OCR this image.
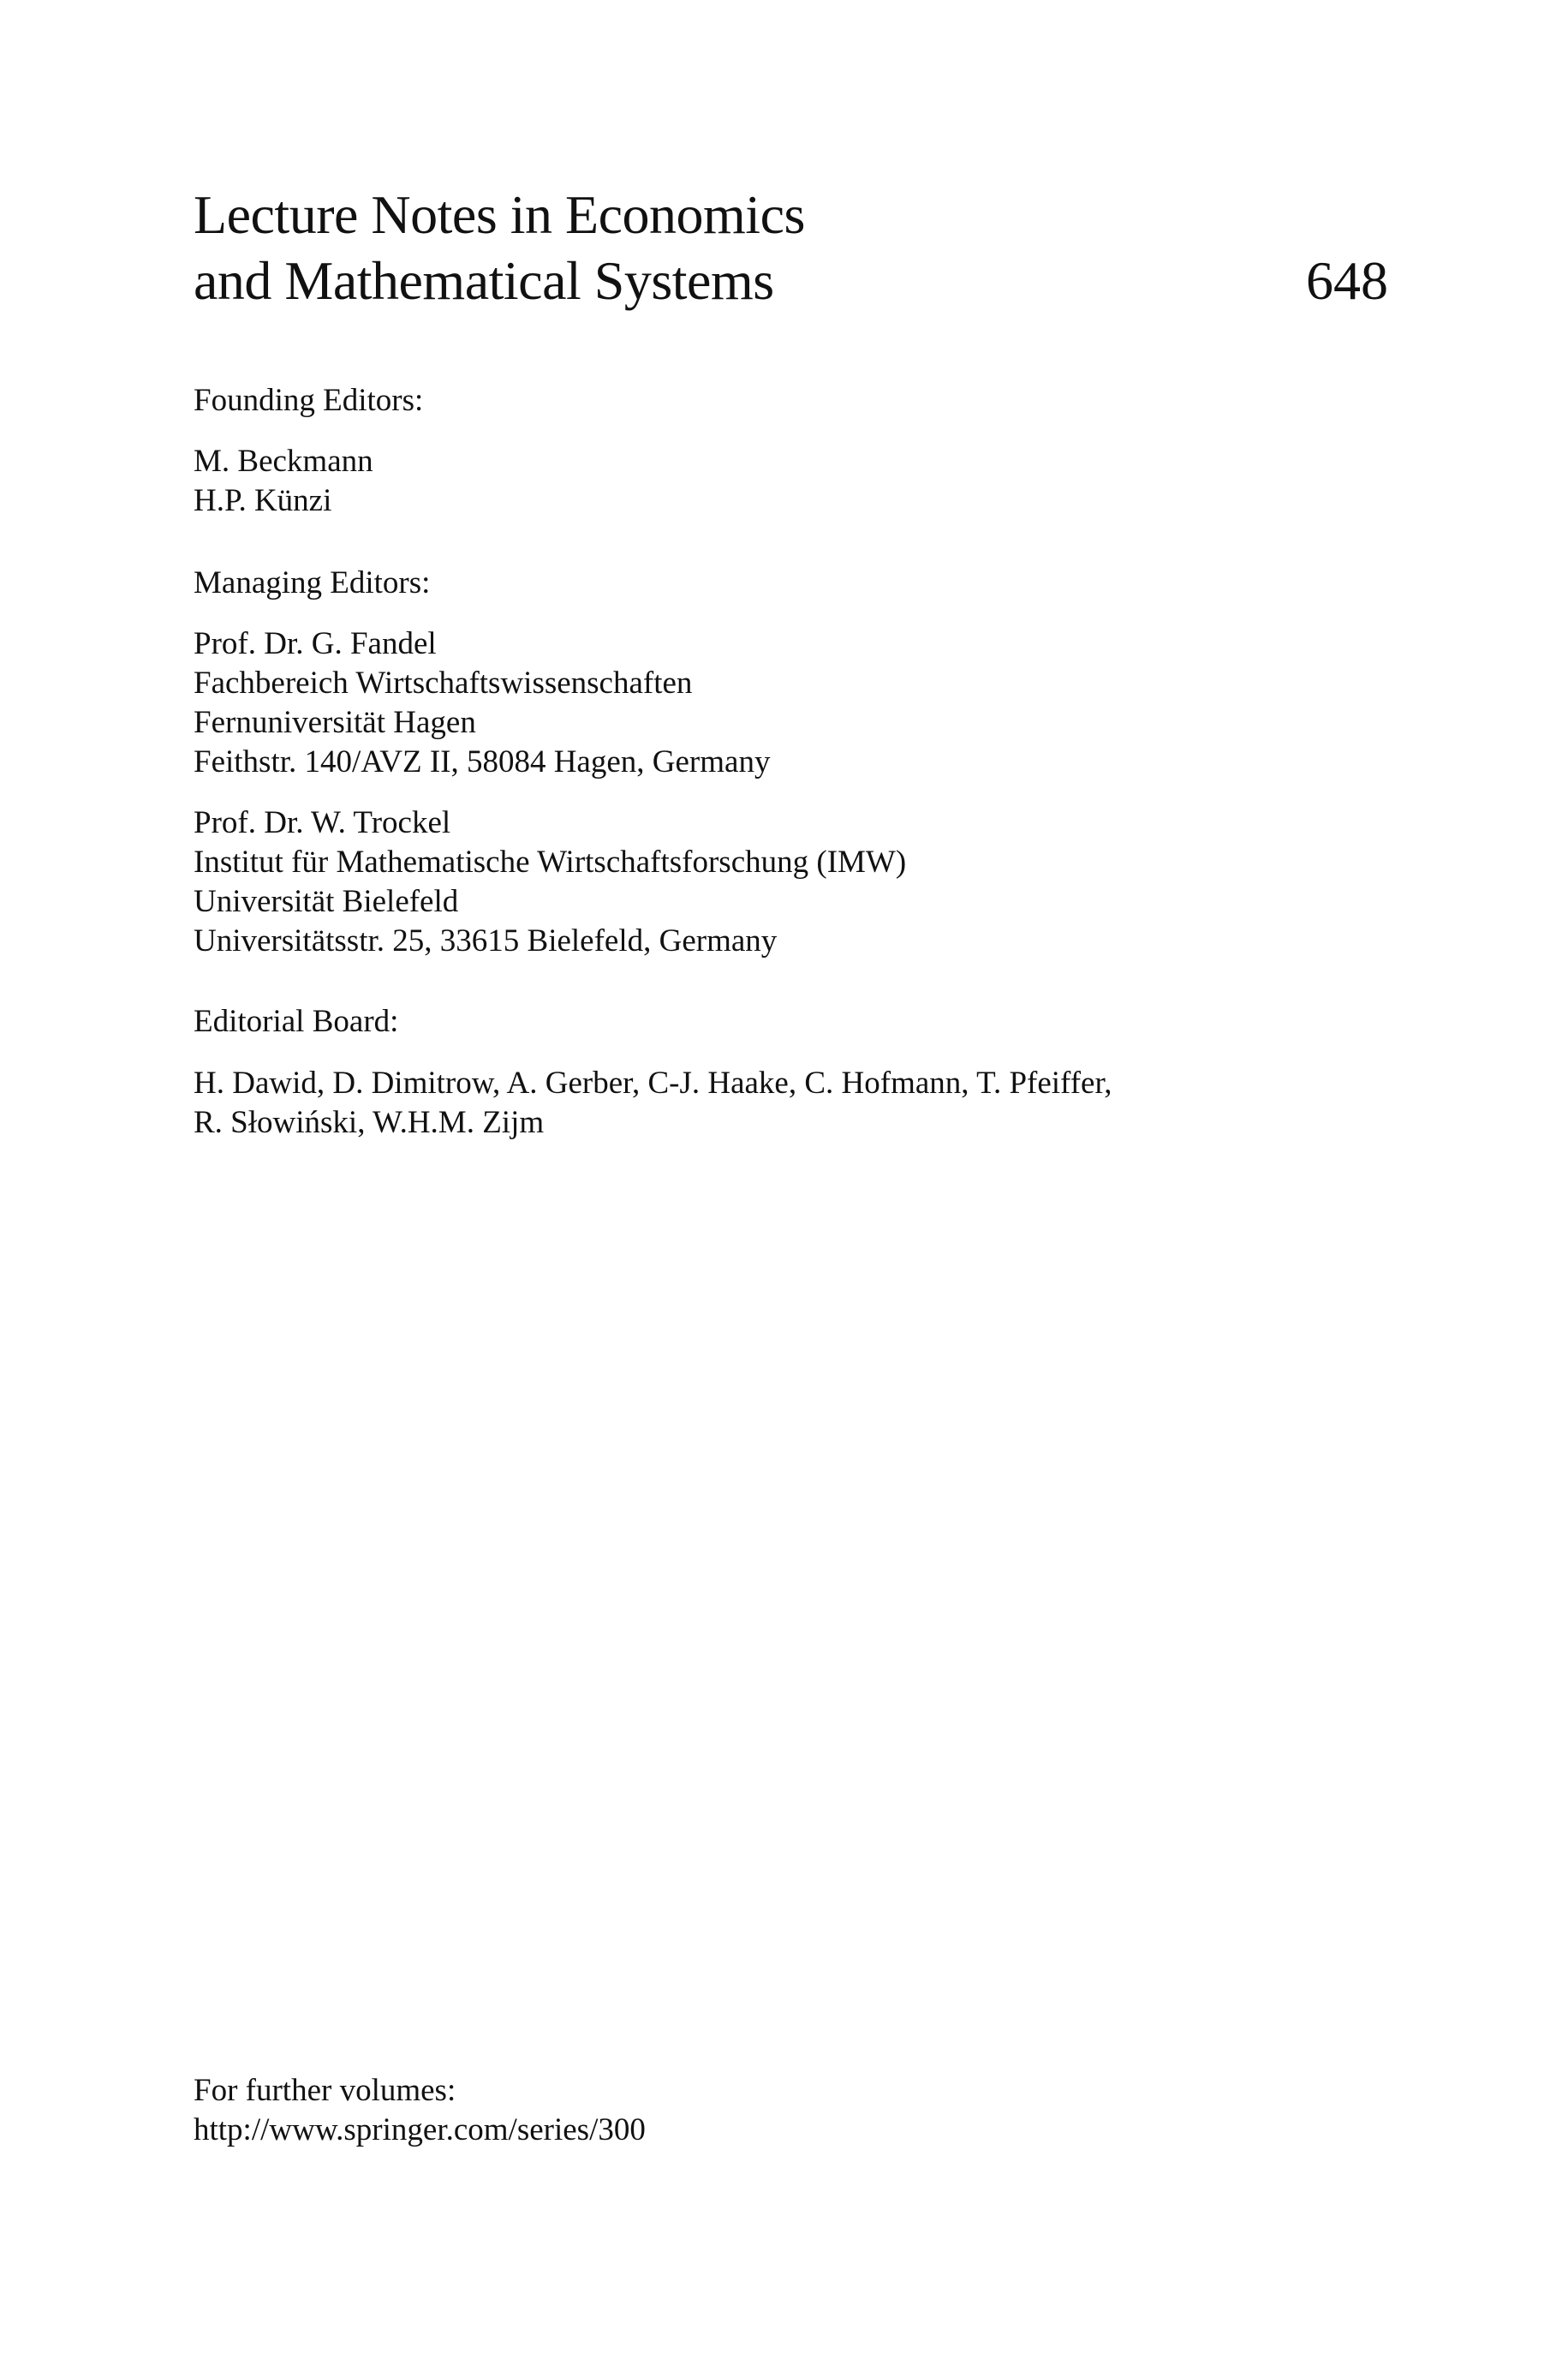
Lecture Notes in Economics
and Mathematical Systems	648
Founding Editors:
M. Beckmann
H.P. Künzi
Managing Editors:
Prof. Dr. G. Fandel
Fachbereich Wirtschaftswissenschaften
Fernuniversität Hagen
Feithstr. 140/AVZ II, 58084 Hagen, Germany
Prof. Dr. W. Trockel
Institut für Mathematische Wirtschaftsforschung (IMW)
Universität Bielefeld
Universitätsstr. 25, 33615 Bielefeld, Germany
Editorial Board:
H. Dawid, D. Dimitrow, A. Gerber, C-J. Haake, C. Hofmann, T. Pfeiffer,
R. Słowiński, W.H.M. Zijm
For further volumes:
http://www.springer.com/series/300
